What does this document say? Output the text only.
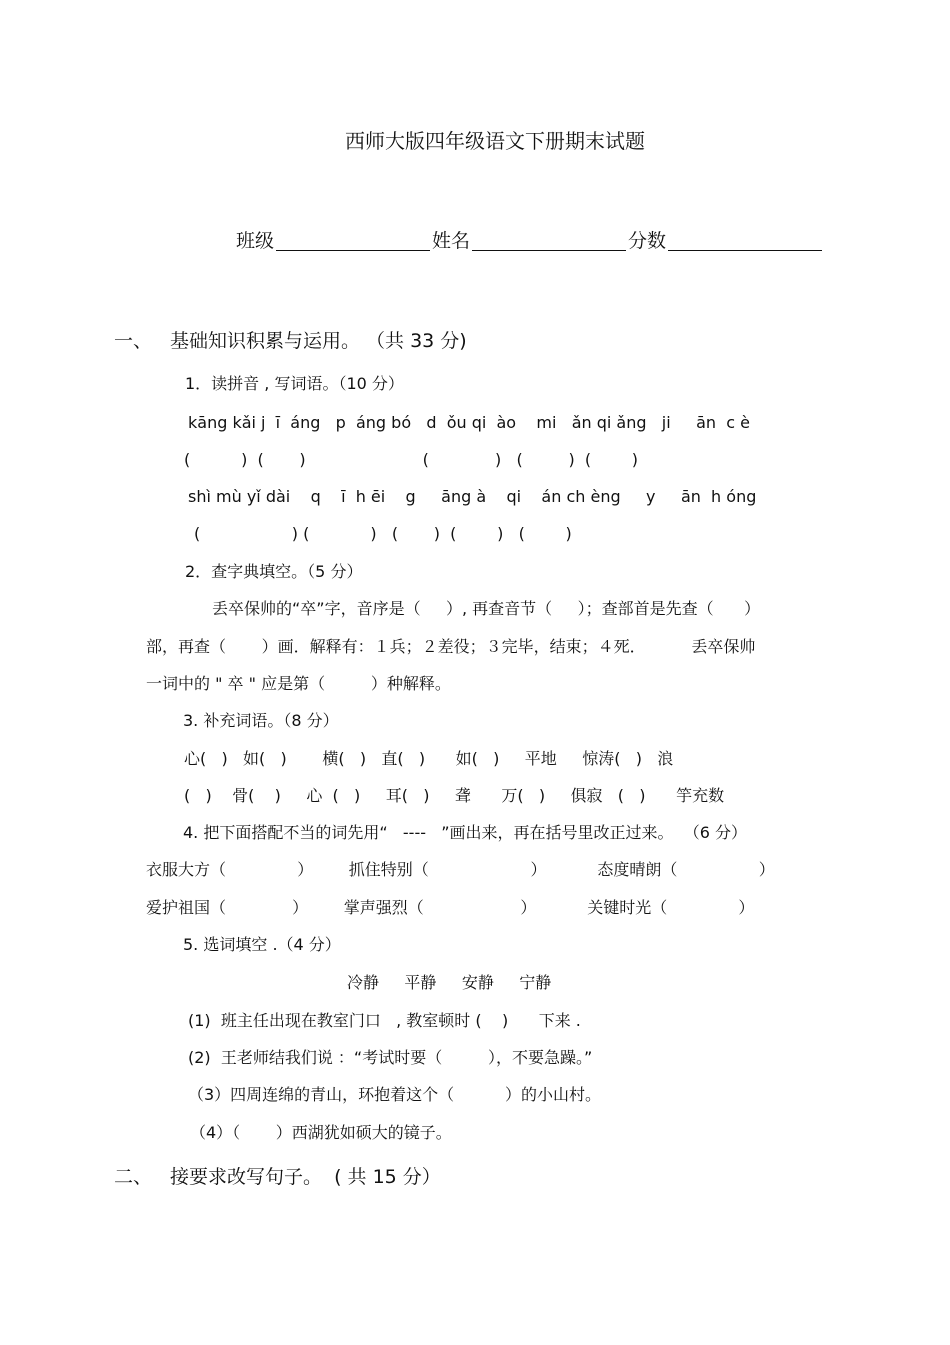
西师大版四年级语文下册期末试题
班级	姓名	分数
一、 基础知识积累与运用。 （共 33 分)
1．读拼音 , 写词语。（10 分）
kāng kǎi j  ī  áng   p  áng bó   d  ǒu qi  ào    mi   ǎn qi ǎng   ji     ān  c è
(          )  (       )                       (             )   (         )  (        )
shì mù yǐ dài    q    ī  h ēi    g     āng à    qi    án ch èng     y     ān  h óng
(                  ) (            )   (       )  (        )   (        )
2．查字典填空。（5 分）
丢卒保帅的“卒”字，音序是（     ）, 再查音节（     ）；查部首是先查（      ）
部，再查（       ）画．解释有：１兵；２差役；３完毕，结束；４死．         丢卒保帅
一词中的 " 卒 " 应是第（         ）种解释。
3. 补充词语。（8 分）
心(   )   如(   )       横(   )   直(   )      如(   )     平地     惊涛(   )   浪
(   )    骨(    )     心  (   )     耳(   )     聋      万(   )     俱寂   (   )      竽充数
4. 把下面搭配不当的词先用“   ----   ”画出来，再在括号里改正过来。  （6 分）
衣服大方（              ）       抓住特别（                    ）          态度晴朗（                ）
爱护祖国（             ）       掌声强烈（                   ）          关键时光（              ）
5. 选词填空 .（4 分）
冷静     平静     安静     宁静
(1)  班主任出现在教室门口   , 教室顿时 (    )      下来 .
(2)  王老师结我们说 ：“考试时要（         ），不要急躁。”
（3）四周连绵的青山，环抱着这个（          ）的小山村。
（4）（       ）西湖犹如硕大的镜子。
二、 接要求改写句子。  ( 共 15 分）
